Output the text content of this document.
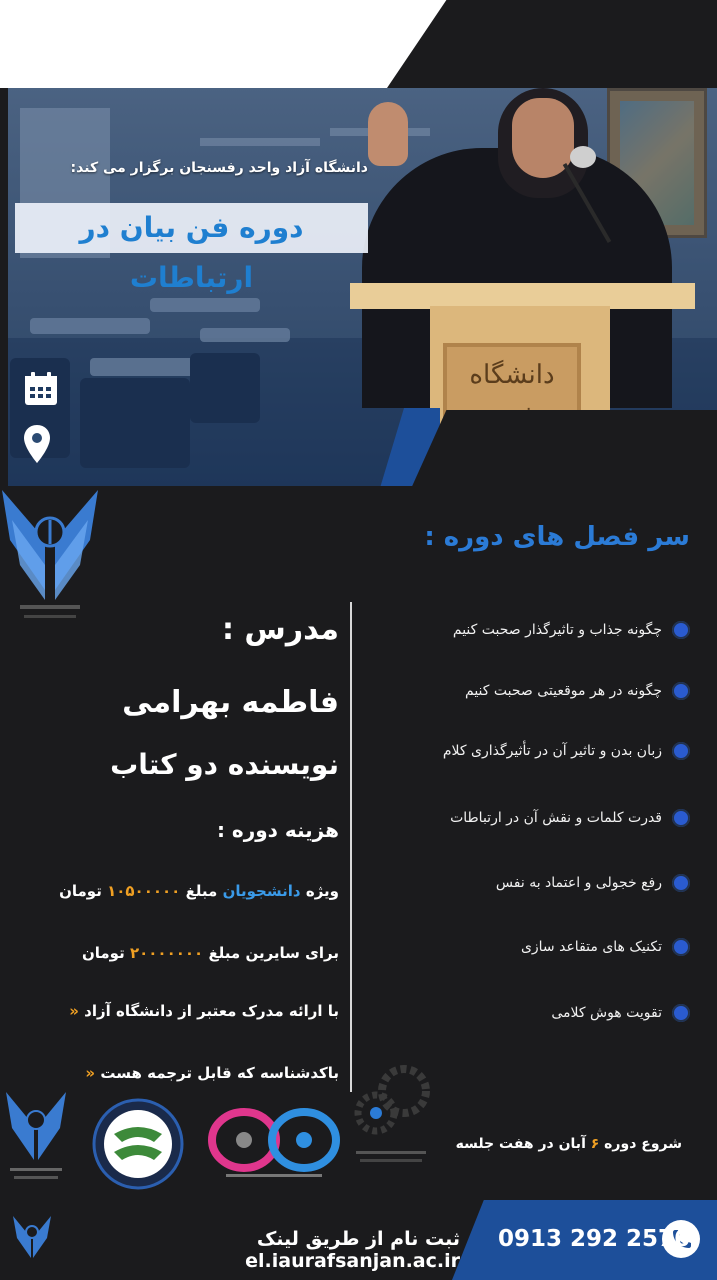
دانشگاه
دانشگاه آزاد واحد رفسنجان برگزار می کند:
دوره فن بیان در ارتباطات
سر فصل های دوره :
چگونه جذاب و تاثیرگذار صحبت کنیم
چگونه در هر موقعیتی صحبت کنیم
زبان بدن و تاثیر آن در تأثیرگذاری کلام
قدرت کلمات و نقش آن در ارتباطات
رفع خجولی و اعتماد به نفس
تکنیک های متقاعد سازی
تقویت هوش کلامی
مدرس :
فاطمه بهرامی
نویسنده دو کتاب
هزینه دوره :
ویژه دانشجویان مبلغ ۱۰۵۰۰۰۰۰ تومان
برای سایرین مبلغ ۲۰۰۰۰۰۰۰ تومان
با ارائه مدرک معتبر از دانشگاه آزاد «
باکدشناسه که قابل ترجمه هست «
شروع دوره ۶ آبان در هفت جلسه
0913 292 2576
ثبت نام از طریق لینک el.iaurafsanjan.ac.ir
